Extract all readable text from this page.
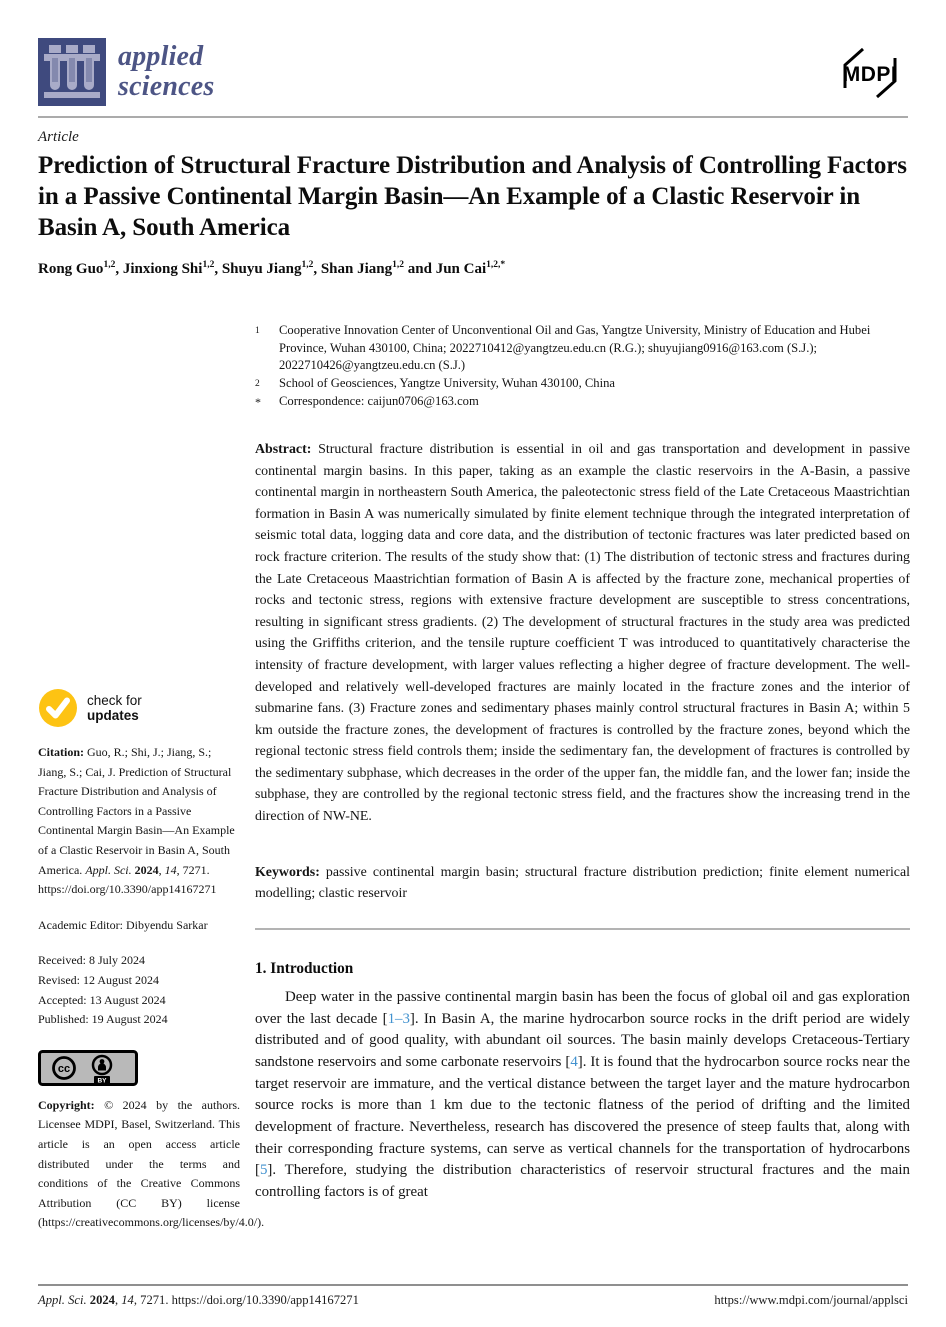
applied
sciences	MDPI
Article
Prediction of Structural Fracture Distribution and Analysis of Controlling Factors in a Passive Continental Margin Basin—An Example of a Clastic Reservoir in Basin A, South America
Rong Guo$^{1,2}$, Jinxiong Shi$^{1,2}$, Shuyu Jiang$^{1,2}$, Shan Jiang$^{1,2}$ and Jun Cai$^{1,2,*}$
check for
updates

Citation: Guo, R.; Shi, J.; Jiang, S.; Jiang, S.; Cai, J. Prediction of Structural Fracture Distribution and Analysis of Controlling Factors in a Passive Continental Margin Basin—An Example of a Clastic Reservoir in Basin A, South America. Appl. Sci. 2024, 14, 7271. https://doi.org/10.3390/app14167271

Academic Editor: Dibyendu Sarkar
Received: 8 July 2024
Revised: 12 August 2024
Accepted: 13 August 2024
Published: 19 August 2024
cc
BY

Copyright: © 2024 by the authors. Licensee MDPI, Basel, Switzerland. This article is an open access article distributed under the terms and conditions of the Creative Commons Attribution (CC BY) license (https://creativecommons.org/licenses/by/4.0/).

1	Cooperative Innovation Center of Unconventional Oil and Gas, Yangtze University, Ministry of Education and Hubei Province, Wuhan 430100, China; 2022710412@yangtzeu.edu.cn (R.G.); shuyujiang0916@163.com (S.J.); 2022710426@yangtzeu.edu.cn (S.J.)
2	School of Geosciences, Yangtze University, Wuhan 430100, China
*	Correspondence: caijun0706@163.com

Abstract: Structural fracture distribution is essential in oil and gas transportation and development in passive continental margin basins. In this paper, taking as an example the clastic reservoirs in the A-Basin, a passive continental margin in northeastern South America, the paleotectonic stress field of the Late Cretaceous Maastrichtian formation in Basin A was numerically simulated by finite element technique through the integrated interpretation of seismic total data, logging data and core data, and the distribution of tectonic fractures was later predicted based on rock fracture criterion. The results of the study show that: (1) The distribution of tectonic stress and fractures during the Late Cretaceous Maastrichtian formation of Basin A is affected by the fracture zone, mechanical properties of rocks and tectonic stress, regions with extensive fracture development are susceptible to stress concentrations, resulting in significant stress gradients. (2) The development of structural fractures in the study area was predicted using the Griffiths criterion, and the tensile rupture coefficient T was introduced to quantitatively characterise the intensity of fracture development, with larger values reflecting a higher degree of fracture development. The well-developed and relatively well-developed fractures are mainly located in the fracture zones and the interior of submarine fans. (3) Fracture zones and sedimentary phases mainly control structural fractures in Basin A; within 5 km outside the fracture zones, the development of fractures is controlled by the fracture zones, beyond which the regional tectonic stress field controls them; inside the sedimentary fan, the development of fractures is controlled by the sedimentary subphase, which decreases in the order of the upper fan, the middle fan, and the lower fan; inside the subphase, they are controlled by the regional tectonic stress field, and the fractures show the increasing trend in the direction of NW-NE.

Keywords: passive continental margin basin; structural fracture distribution prediction; finite element numerical modelling; clastic reservoir

1. Introduction

Deep water in the passive continental margin basin has been the focus of global oil and gas exploration over the last decade [1–3]. In Basin A, the marine hydrocarbon source rocks in the drift period are widely distributed and of good quality, with abundant oil sources. The basin mainly develops Cretaceous-Tertiary sandstone reservoirs and some carbonate reservoirs [4]. It is found that the hydrocarbon source rocks near the target reservoir are immature, and the vertical distance between the target layer and the mature hydrocarbon source rocks is more than 1 km due to the tectonic flatness of the period of drifting and the limited development of fracture. Nevertheless, research has discovered the presence of steep faults that, along with their corresponding fracture systems, can serve as vertical channels for the transportation of hydrocarbons [5]. Therefore, studying the distribution characteristics of reservoir structural fractures and the main controlling factors is of great

Appl. Sci. 2024, 14, 7271. https://doi.org/10.3390/app14167271	https://www.mdpi.com/journal/applsci
